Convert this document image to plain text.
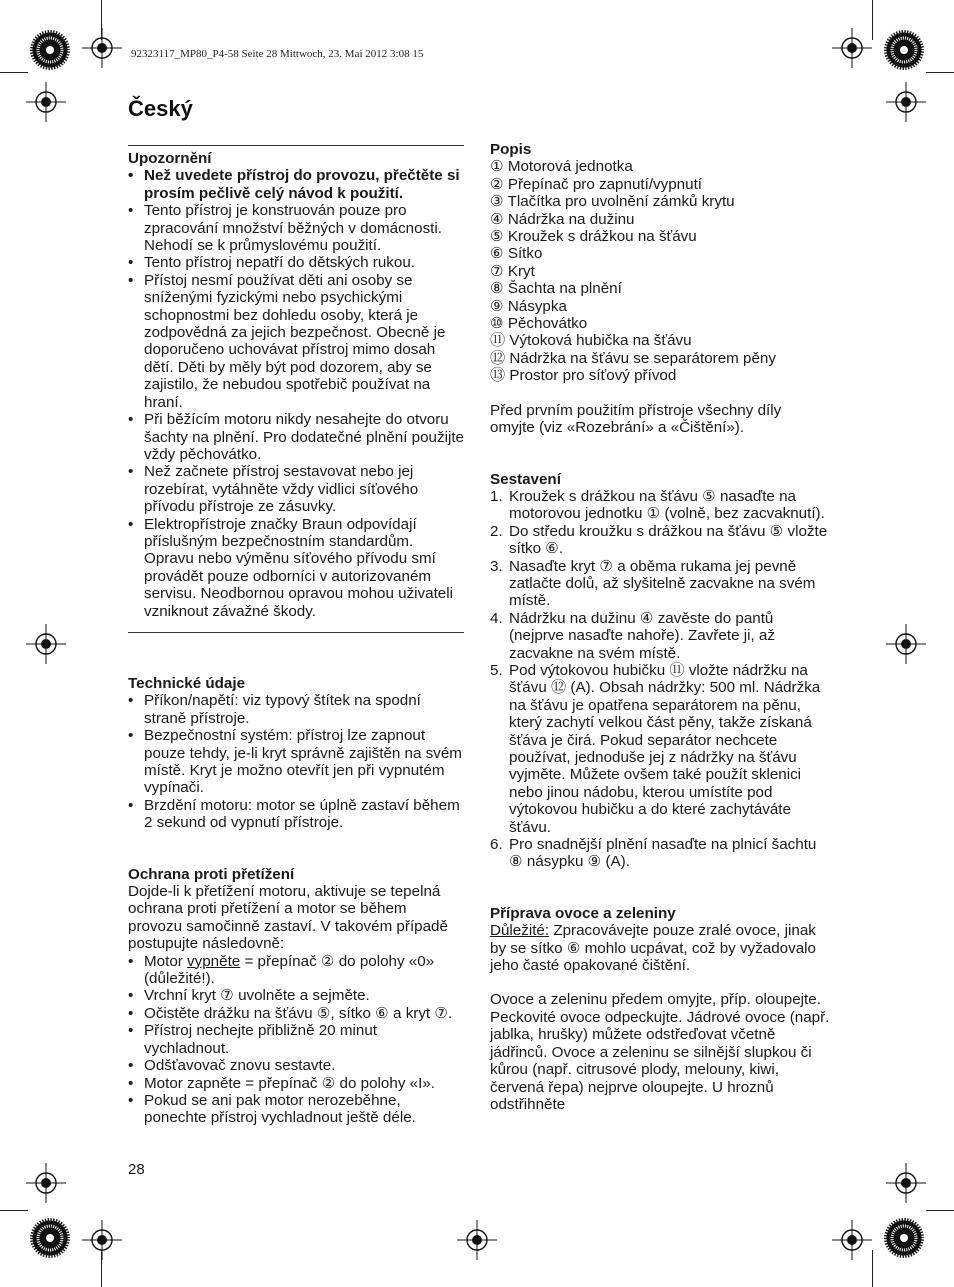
92323117_MP80_P4-58 Seite 28 Mittwoch, 23. Mai 2012 3:08 15
Český

Upozornění

• Než uvedete přístroj do provozu, přečtěte si prosím pečlivě celý návod k použití.
• Tento přístroj je konstruován pouze pro zpracování množství běžných v domácnosti. Nehodí se k průmyslovému použití.
• Tento přístroj nepatří do dětských rukou.
• Přístoj nesmí používat děti ani osoby se sníženými fyzickými nebo psychickými schopnostmi bez dohledu osoby, která je zodpovědná za jejich bezpečnost. Obecně je doporučeno uchovávat přístroj mimo dosah dětí. Děti by měly být pod dozorem, aby se zajistilo, že nebudou spotřebič používat na hraní.
• Při běžícím motoru nikdy nesahejte do otvoru šachty na plnění. Pro dodatečné plnění použijte vždy pěchovátko.
• Než začnete přístroj sestavovat nebo jej rozebírat, vytáhněte vždy vidlici síťového přívodu přístroje ze zásuvky.
• Elektropřístroje značky Braun odpovídají příslušným bezpečnostním standardům. Opravu nebo výměnu síťového přívodu smí provádět pouze odborníci v autorizovaném servisu. Neodbornou opravou mohou uživateli vzniknout závažné škody.

Technické údaje

• Příkon/napětí: viz typový štítek na spodní straně přístroje.
• Bezpečnostní systém: přístroj lze zapnout pouze tehdy, je-li kryt správně zajištěn na svém místě. Kryt je možno otevřít jen při vypnutém vypínači.
• Brzdění motoru: motor se úplně zastaví během 2 sekund od vypnutí přístroje.

Ochrana proti přetížení

Dojde-li k přetížení motoru, aktivuje se tepelná ochrana proti přetížení a motor se během provozu samočinně zastaví. V takovém případě postupujte následovně:

• Motor vypněte = přepínač ② do polohy «0» (důležité!).
• Vrchní kryt ⑦ uvolněte a sejměte.
• Očistěte drážku na šťávu ⑤, sítko ⑥ a kryt ⑦.
• Přístroj nechejte přibližně 20 minut vychladnout.
• Odšťavovač znovu sestavte.
• Motor zapněte = přepínač ② do polohy «I».
• Pokud se ani pak motor nerozeběhne, ponechte přístroj vychladnout ještě déle.

Popis

① Motorová jednotka

② Přepínač pro zapnutí/vypnutí

③ Tlačítka pro uvolnění zámků krytu

④ Nádržka na dužinu

⑤ Kroužek s drážkou na šťávu

⑥ Sítko

⑦ Kryt

⑧ Šachta na plnění

⑨ Násypka

⑩ Pěchovátko

⑪ Výtoková hubička na šťávu

⑫ Nádržka na šťávu se separátorem pěny

⑬ Prostor pro síťový přívod

Před prvním použitím přístroje všechny díly omyjte (viz «Rozebrání» a «Čištění»).

Sestavení

1. Kroužek s drážkou na šťávu ⑤ nasaďte na motorovou jednotku ① (volně, bez zacvaknutí).
2. Do středu kroužku s drážkou na šťávu ⑤ vložte sítko ⑥.
3. Nasaďte kryt ⑦ a oběma rukama jej pevně zatlačte dolů, až slyšitelně zacvakne na svém místě.
4. Nádržku na dužinu ④ zavěste do pantů (nejprve nasaďte nahoře). Zavřete ji, až zacvakne na svém místě.
5. Pod výtokovou hubičku ⑪ vložte nádržku na šťávu ⑫ (A). Obsah nádržky: 500 ml. Nádržka na šťávu je opatřena separátorem na pěnu, který zachytí velkou část pěny, takže získaná šťáva je čirá. Pokud separátor nechcete používat, jednoduše jej z nádržky na šťávu vyjměte. Můžete ovšem také použít sklenici nebo jinou nádobu, kterou umístíte pod výtokovou hubičku a do které zachytáváte šťávu.
6. Pro snadnější plnění nasaďte na plnicí šachtu ⑧ násypku ⑨ (A).

Příprava ovoce a zeleniny

Důležité: Zpracovávejte pouze zralé ovoce, jinak by se sítko ⑥ mohlo ucpávat, což by vyžadovalo jeho časté opakované čištění.

Ovoce a zeleninu předem omyjte, příp. oloupejte. Peckovité ovoce odpeckujte. Jádrové ovoce (např. jablka, hrušky) můžete odstřeďovat včetně jádřinců. Ovoce a zeleninu se silnější slupkou či kůrou (např. citrusové plody, melouny, kiwi, červená řepa) nejprve oloupejte. U hroznů odstřihněte

28
